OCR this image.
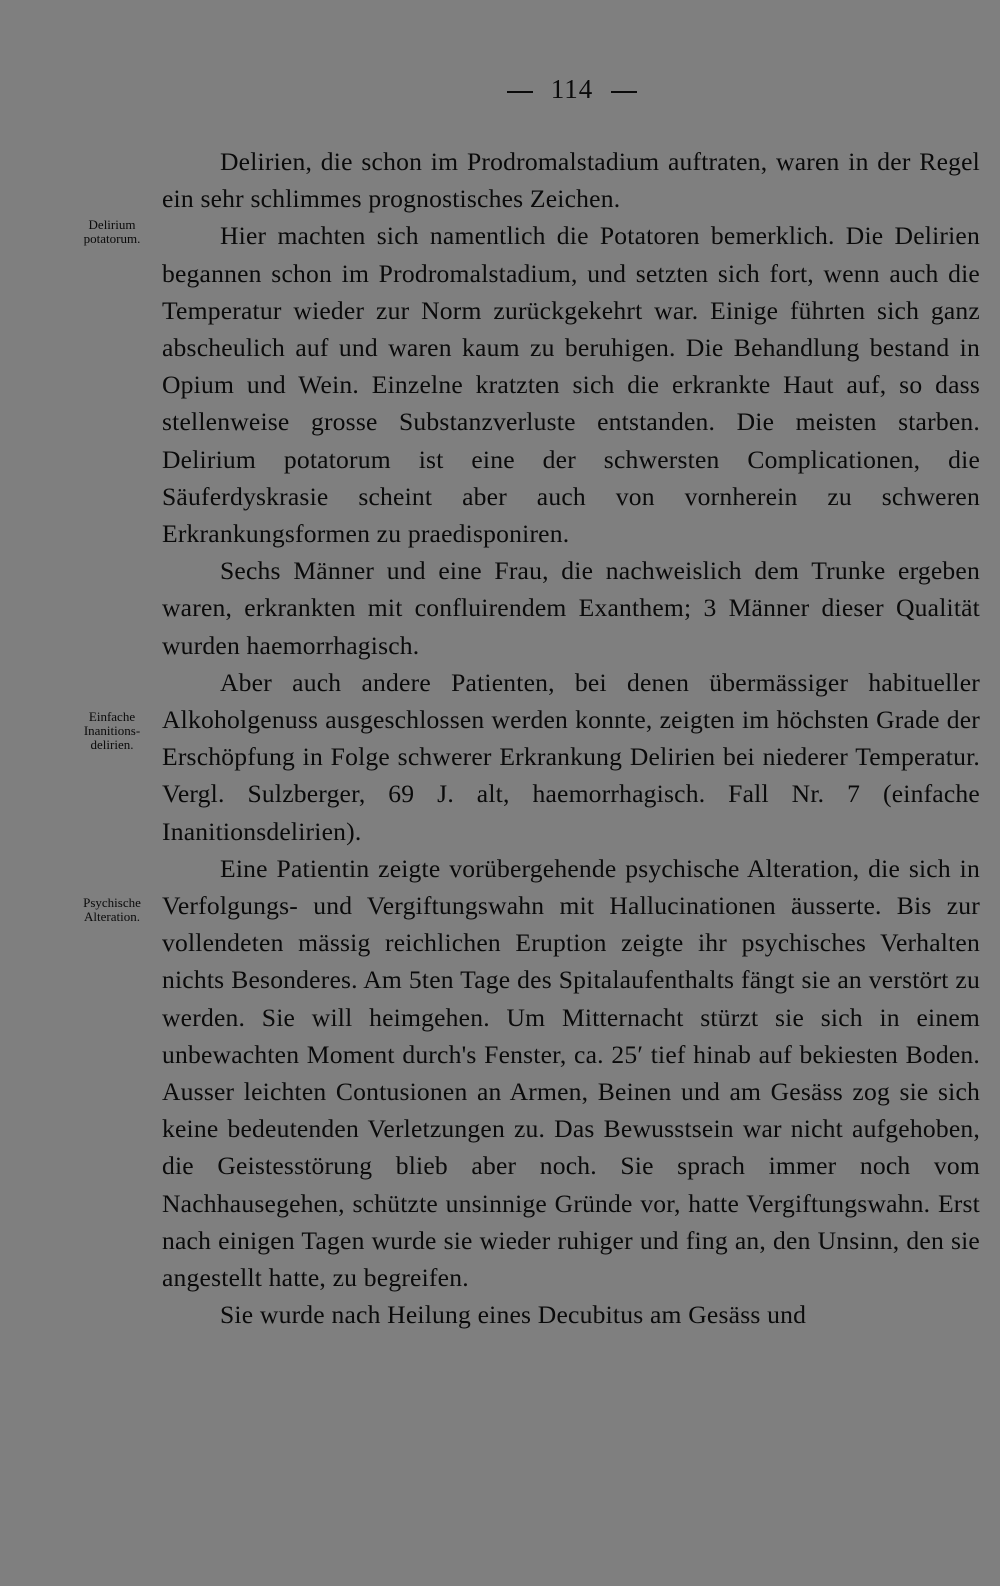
114
Delirium
potatorum.
Einfache
Inanitions-
delirien.
Psychische
Alteration.

Delirien, die schon im Prodromalstadium auftraten, waren in der Regel ein sehr schlimmes prognostisches Zeichen.

Hier machten sich namentlich die Potatoren bemerklich. Die Delirien begannen schon im Prodromalstadium, und setzten sich fort, wenn auch die Temperatur wieder zur Norm zurückgekehrt war. Einige führten sich ganz abscheulich auf und waren kaum zu beruhigen. Die Behandlung bestand in Opium und Wein. Einzelne kratzten sich die erkrankte Haut auf, so dass stellenweise grosse Substanzverluste entstanden. Die meisten starben. Delirium potatorum ist eine der schwersten Complicationen, die Säuferdyskrasie scheint aber auch von vornherein zu schweren Erkrankungsformen zu praedisponiren.

Sechs Männer und eine Frau, die nachweislich dem Trunke ergeben waren, erkrankten mit confluirendem Exanthem; 3 Männer dieser Qualität wurden haemorrhagisch.

Aber auch andere Patienten, bei denen übermässiger habitueller Alkoholgenuss ausgeschlossen werden konnte, zeigten im höchsten Grade der Erschöpfung in Folge schwerer Erkrankung Delirien bei niederer Temperatur. Vergl. Sulzberger, 69 J. alt, haemorrhagisch. Fall Nr. 7 (einfache Inanitionsdelirien).

Eine Patientin zeigte vorübergehende psychische Alteration, die sich in Verfolgungs- und Vergiftungswahn mit Hallucinationen äusserte. Bis zur vollendeten mässig reichlichen Eruption zeigte ihr psychisches Verhalten nichts Besonderes. Am 5ten Tage des Spitalaufenthalts fängt sie an verstört zu werden. Sie will heimgehen. Um Mitternacht stürzt sie sich in einem unbewachten Moment durch's Fenster, ca. 25′ tief hinab auf bekiesten Boden. Ausser leichten Contusionen an Armen, Beinen und am Gesäss zog sie sich keine bedeutenden Verletzungen zu. Das Bewusstsein war nicht aufgehoben, die Geistesstörung blieb aber noch. Sie sprach immer noch vom Nachhausegehen, schützte unsinnige Gründe vor, hatte Vergiftungswahn. Erst nach einigen Tagen wurde sie wieder ruhiger und fing an, den Unsinn, den sie angestellt hatte, zu begreifen.

Sie wurde nach Heilung eines Decubitus am Gesäss und
